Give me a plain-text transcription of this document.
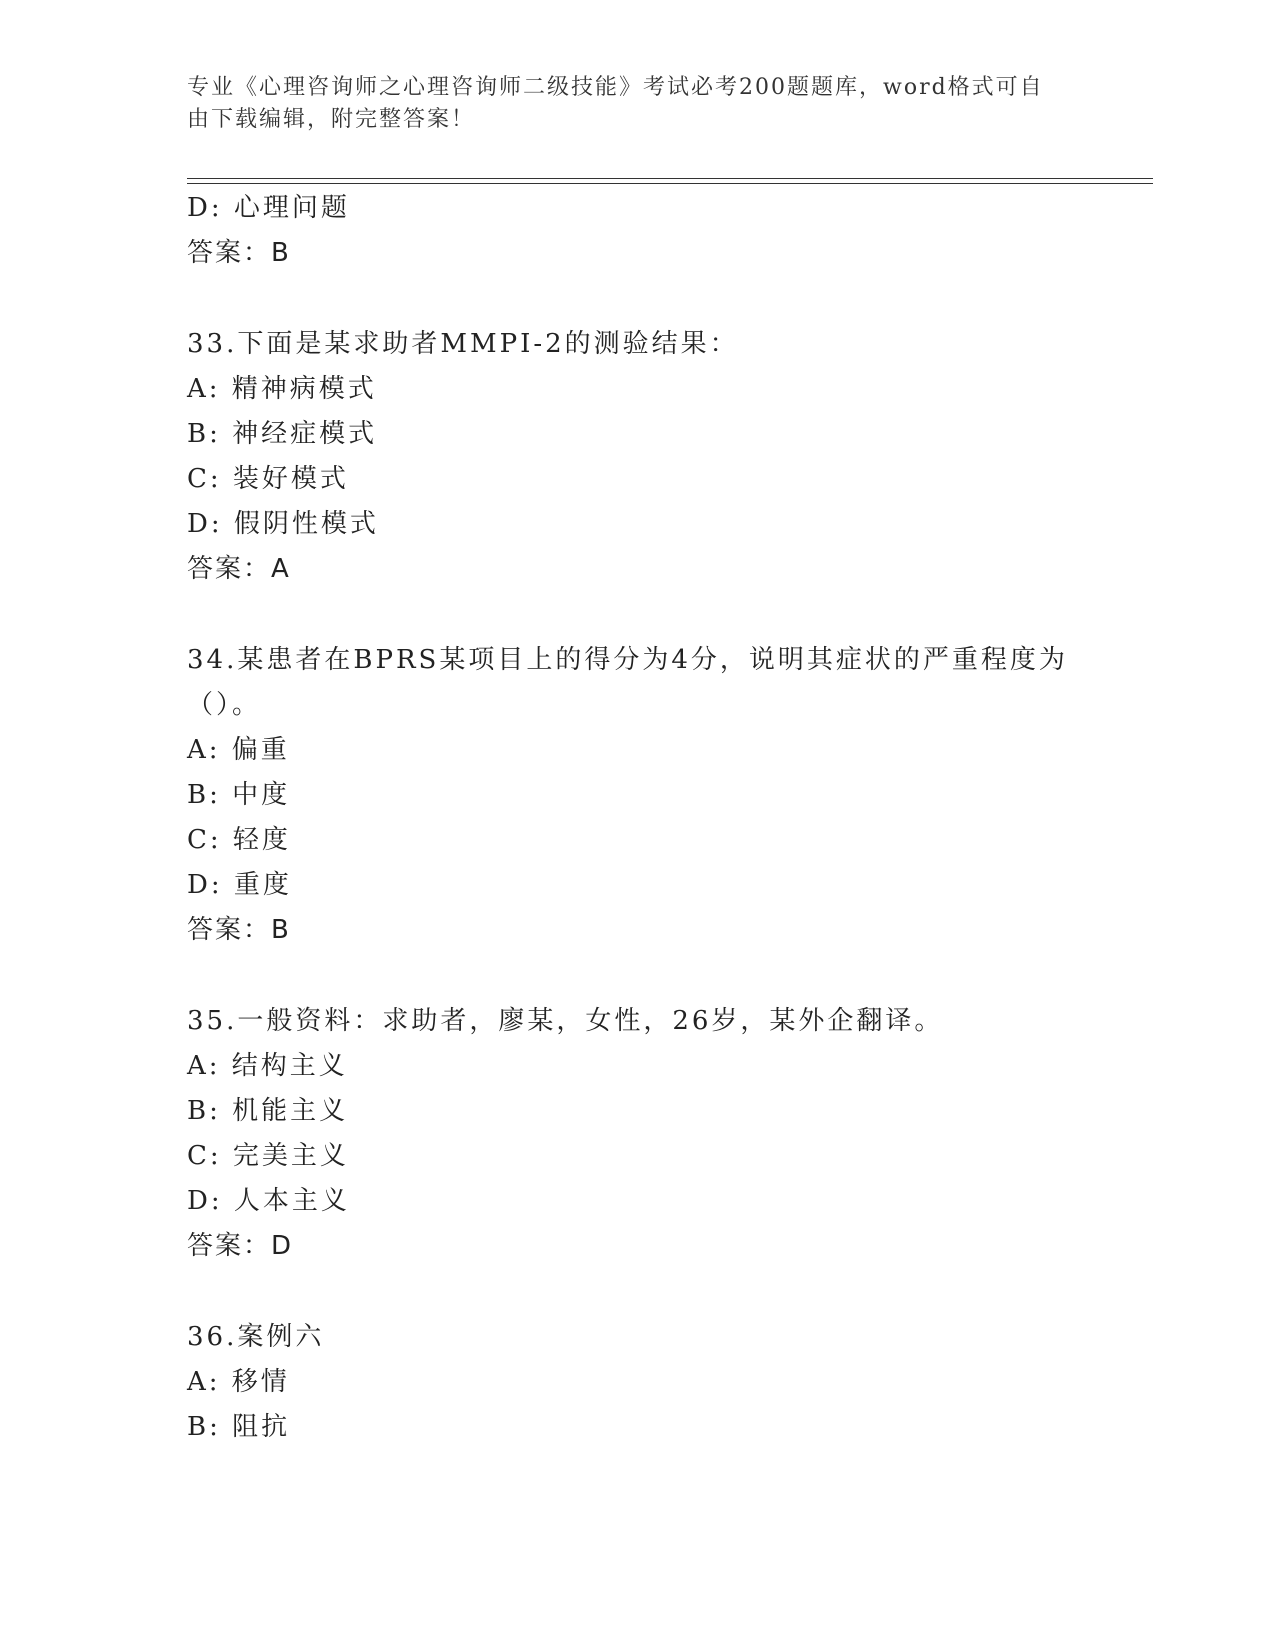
专业《心理咨询师之心理咨询师二级技能》考试必考200题题库，word格式可自由下载编辑，附完整答案！
D: 心理问题
答案：B
33.下面是某求助者MMPI-2的测验结果：
A: 精神病模式
B: 神经症模式
C: 装好模式
D: 假阴性模式
答案：A
34.某患者在BPRS某项目上的得分为4分，说明其症状的严重程度为
（）。
A: 偏重
B: 中度
C: 轻度
D: 重度
答案：B
35.一般资料：求助者，廖某，女性，26岁，某外企翻译。
A: 结构主义
B: 机能主义
C: 完美主义
D: 人本主义
答案：D
36.案例六
A: 移情
B: 阻抗
